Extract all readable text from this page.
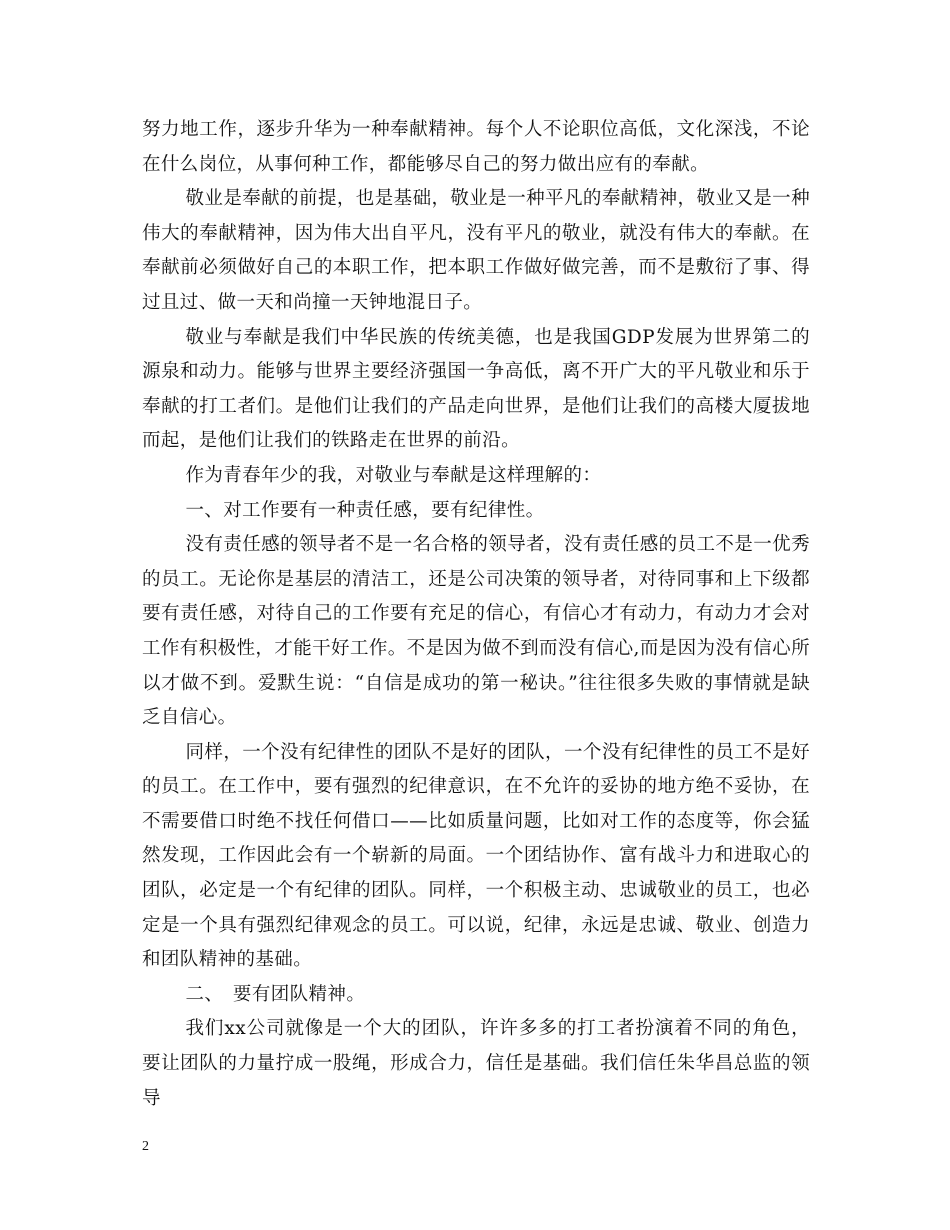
努力地工作，逐步升华为一种奉献精神。每个人不论职位高低，文化深浅，不论在什么岗位，从事何种工作，都能够尽自己的努力做出应有的奉献。

敬业是奉献的前提，也是基础，敬业是一种平凡的奉献精神，敬业又是一种伟大的奉献精神，因为伟大出自平凡，没有平凡的敬业，就没有伟大的奉献。在奉献前必须做好自己的本职工作，把本职工作做好做完善，而不是敷衍了事、得过且过、做一天和尚撞一天钟地混日子。

敬业与奉献是我们中华民族的传统美德，也是我国GDP发展为世界第二的源泉和动力。能够与世界主要经济强国一争高低，离不开广大的平凡敬业和乐于奉献的打工者们。是他们让我们的产品走向世界，是他们让我们的高楼大厦拔地而起，是他们让我们的铁路走在世界的前沿。

作为青春年少的我，对敬业与奉献是这样理解的：

一、对工作要有一种责任感，要有纪律性。

没有责任感的领导者不是一名合格的领导者，没有责任感的员工不是一优秀的员工。无论你是基层的清洁工，还是公司决策的领导者，对待同事和上下级都要有责任感，对待自己的工作要有充足的信心，有信心才有动力，有动力才会对工作有积极性，才能干好工作。不是因为做不到而没有信心,而是因为没有信心所以才做不到。爱默生说：“自信是成功的第一秘诀。”往往很多失败的事情就是缺乏自信心。

同样，一个没有纪律性的团队不是好的团队，一个没有纪律性的员工不是好的员工。在工作中，要有强烈的纪律意识，在不允许的妥协的地方绝不妥协，在不需要借口时绝不找任何借口——比如质量问题，比如对工作的态度等，你会猛然发现，工作因此会有一个崭新的局面。一个团结协作、富有战斗力和进取心的团队，必定是一个有纪律的团队。同样，一个积极主动、忠诚敬业的员工，也必定是一个具有强烈纪律观念的员工。可以说，纪律，永远是忠诚、敬业、创造力和团队精神的基础。

二、　要有团队精神。

我们xx公司就像是一个大的团队，许许多多的打工者扮演着不同的角色，要让团队的力量拧成一股绳，形成合力，信任是基础。我们信任朱华昌总监的领导

2
